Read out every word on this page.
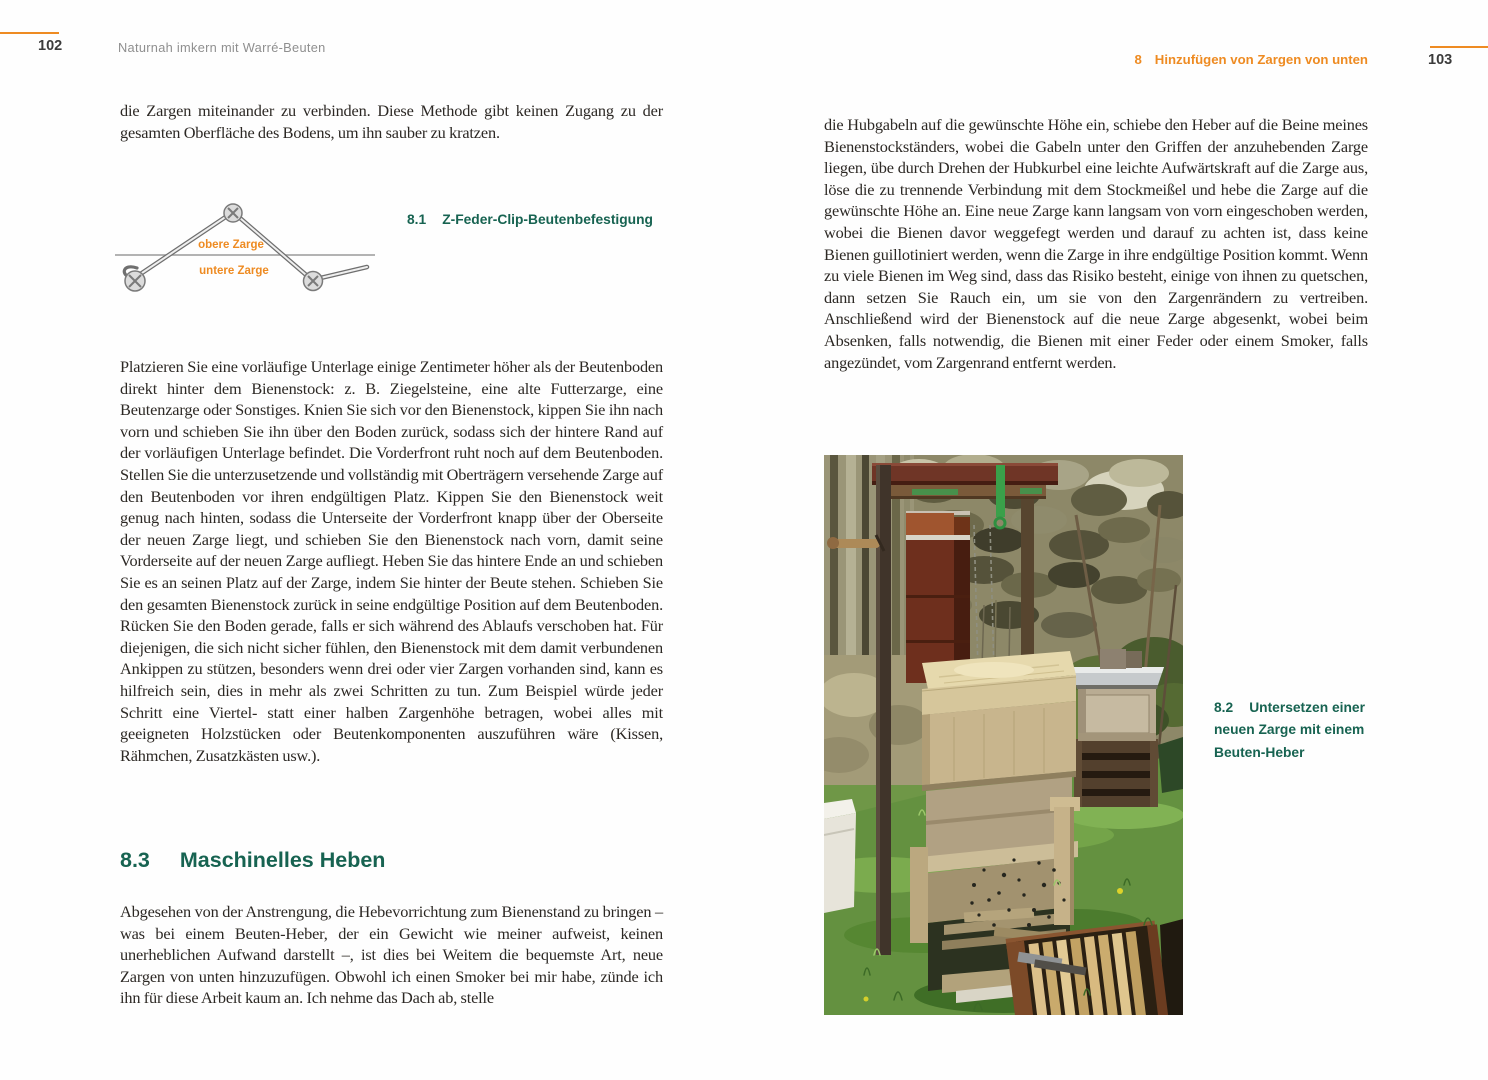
102	Naturnah imkern mit Warré-Beuten
die Zargen miteinander zu verbinden. Diese Methode gibt keinen Zugang zu der gesamten Oberfläche des Bodens, um ihn sauber zu kratzen.
obere Zarge
untere Zarge
8.1 Z-Feder-Clip-Beutenbefestigung
Platzieren Sie eine vorläufige Unterlage einige Zentimeter höher als der Beutenboden direkt hinter dem Bienenstock: z. B. Ziegelsteine, eine alte Futterzarge, eine Beutenzarge oder Sonstiges. Knien Sie sich vor den Bienenstock, kippen Sie ihn nach vorn und schieben Sie ihn über den Boden zurück, sodass sich der hintere Rand auf der vorläufigen Unterlage befindet. Die Vorderfront ruht noch auf dem Beutenboden. Stellen Sie die unterzusetzende und vollständig mit Oberträgern versehende Zarge auf den Beutenboden vor ihren endgültigen Platz. Kippen Sie den Bienenstock weit genug nach hinten, sodass die Unterseite der Vorderfront knapp über der Oberseite der neuen Zarge liegt, und schieben Sie den Bienenstock nach vorn, damit seine Vorderseite auf der neuen Zarge aufliegt. Heben Sie das hintere Ende an und schieben Sie es an seinen Platz auf der Zarge, indem Sie hinter der Beute stehen. Schieben Sie den gesamten Bienenstock zurück in seine endgültige Position auf dem Beutenboden. Rücken Sie den Boden gerade, falls er sich während des Ablaufs verschoben hat. Für diejenigen, die sich nicht sicher fühlen, den Bienenstock mit dem damit verbundenen Ankippen zu stützen, besonders wenn drei oder vier Zargen vorhanden sind, kann es hilfreich sein, dies in mehr als zwei Schritten zu tun. Zum Beispiel würde jeder Schritt eine Viertel- statt einer halben Zargenhöhe betragen, wobei alles mit geeigneten Holzstücken oder Beutenkomponenten auszuführen wäre (Kissen, Rähmchen, Zusatzkästen usw.).
8.3 Maschinelles Heben
Abgesehen von der Anstrengung, die Hebevorrichtung zum Bienenstand zu bringen – was bei einem Beuten-Heber, der ein Gewicht wie meiner aufweist, keinen unerheblichen Aufwand darstellt –, ist dies bei Weitem die bequemste Art, neue Zargen von unten hinzuzufügen. Obwohl ich einen Smoker bei mir habe, zünde ich ihn für diese Arbeit kaum an. Ich nehme das Dach ab, stelle
8 Hinzufügen von Zargen von unten	103
die Hubgabeln auf die gewünschte Höhe ein, schiebe den Heber auf die Beine meines Bienenstockständers, wobei die Gabeln unter den Griffen der anzuhebenden Zarge liegen, übe durch Drehen der Hubkurbel eine leichte Aufwärtskraft auf die Zarge aus, löse die zu trennende Verbindung mit dem Stockmeißel und hebe die Zarge auf die gewünschte Höhe an. Eine neue Zarge kann langsam von vorn eingeschoben werden, wobei die Bienen davor weggefegt werden und darauf zu achten ist, dass keine Bienen guillotiniert werden, wenn die Zarge in ihre endgültige Position kommt. Wenn zu viele Bienen im Weg sind, dass das Risiko besteht, einige von ihnen zu quetschen, dann setzen Sie Rauch ein, um sie von den Zargenrändern zu vertreiben. Anschließend wird der Bienenstock auf die neue Zarge abgesenkt, wobei beim Absenken, falls notwendig, die Bienen mit einer Feder oder einem Smoker, falls angezündet, vom Zargenrand entfernt werden.
8.2 Untersetzen einer neuen Zarge mit einem Beuten-Heber
